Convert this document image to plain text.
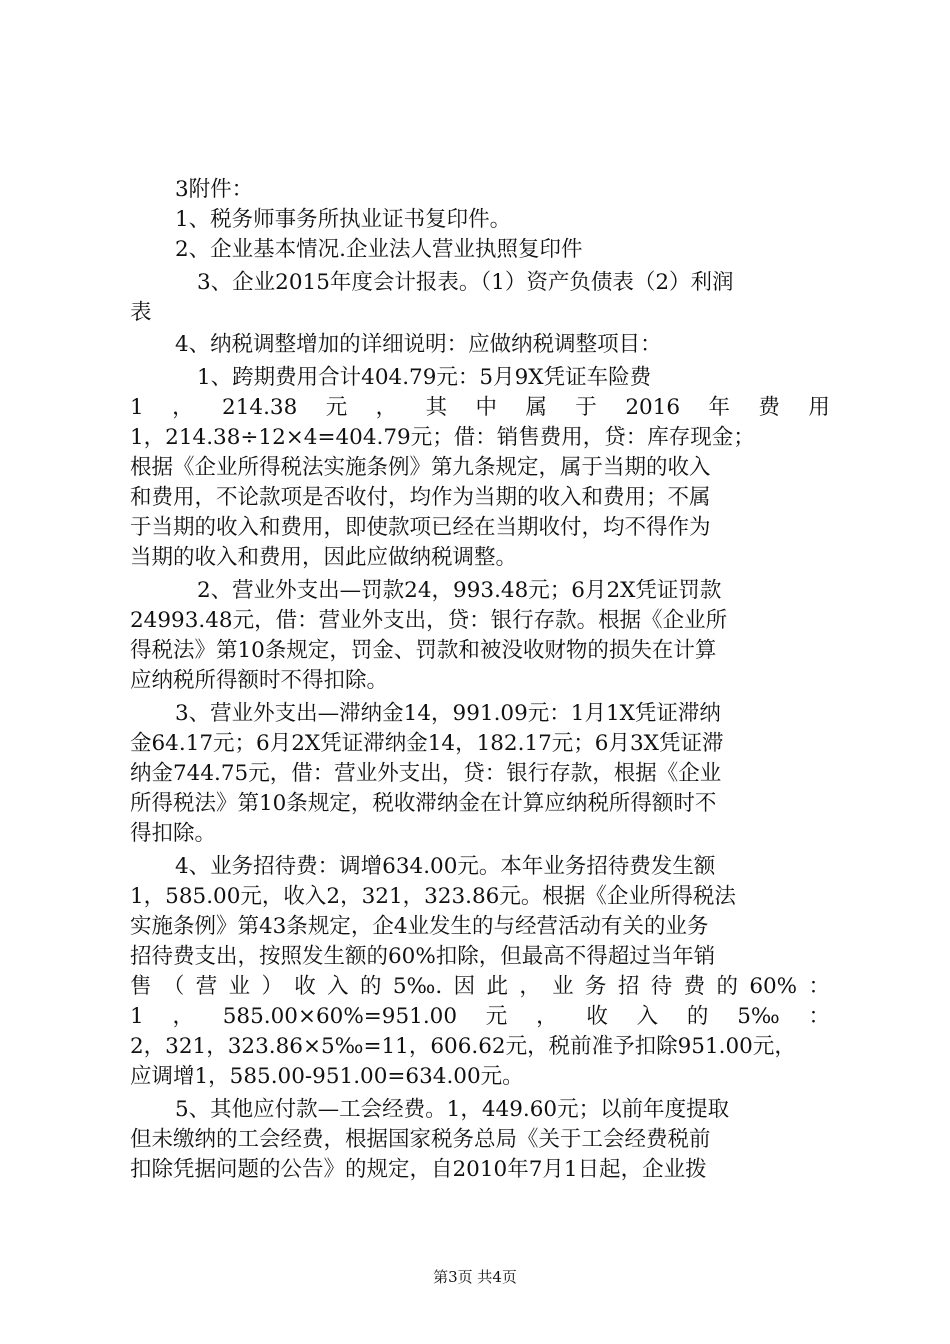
3附件：
1、税务师事务所执业证书复印件。
2、企业基本情况.企业法人营业执照复印件
3、企业2015年度会计报表。（1）资产负债表（2）利润
表
4、纳税调整增加的详细说明：应做纳税调整项目：
1、跨期费用合计404.79元：5月9X凭证车险费
1 ， 214.38 元 ， 其 中 属 于 2016 年 费 用
1，214.38÷12×4=404.79元；借：销售费用，贷：库存现金；
根据《企业所得税法实施条例》第九条规定，属于当期的收入
和费用，不论款项是否收付，均作为当期的收入和费用；不属
于当期的收入和费用，即使款项已经在当期收付，均不得作为
当期的收入和费用，因此应做纳税调整。
2、营业外支出—罚款24，993.48元；6月2X凭证罚款
24993.48元，借：营业外支出，贷：银行存款。根据《企业所
得税法》第10条规定，罚金、罚款和被没收财物的损失在计算
应纳税所得额时不得扣除。
3、营业外支出—滞纳金14，991.09元：1月1X凭证滞纳
金64.17元；6月2X凭证滞纳金14，182.17元；6月3X凭证滞
纳金744.75元，借：营业外支出，贷：银行存款，根据《企业
所得税法》第10条规定，税收滞纳金在计算应纳税所得额时不
得扣除。
4、业务招待费：调增634.00元。本年业务招待费发生额
1，585.00元，收入2，321，323.86元。根据《企业所得税法
实施条例》第43条规定，企4业发生的与经营活动有关的业务
招待费支出，按照发生额的60%扣除，但最高不得超过当年销
售 （ 营 业 ） 收 入 的 5‰. 因 此 ， 业 务 招 待 费 的 60% ：
1 ， 585.00×60%=951.00 元 ， 收 入 的 5‰ ：
2，321，323.86×5‰=11，606.62元，税前准予扣除951.00元，
应调增1，585.00-951.00=634.00元。
5、其他应付款—工会经费。1，449.60元；以前年度提取
但未缴纳的工会经费，根据国家税务总局《关于工会经费税前
扣除凭据问题的公告》的规定，自2010年7月1日起，企业拨
第3页 共4页
